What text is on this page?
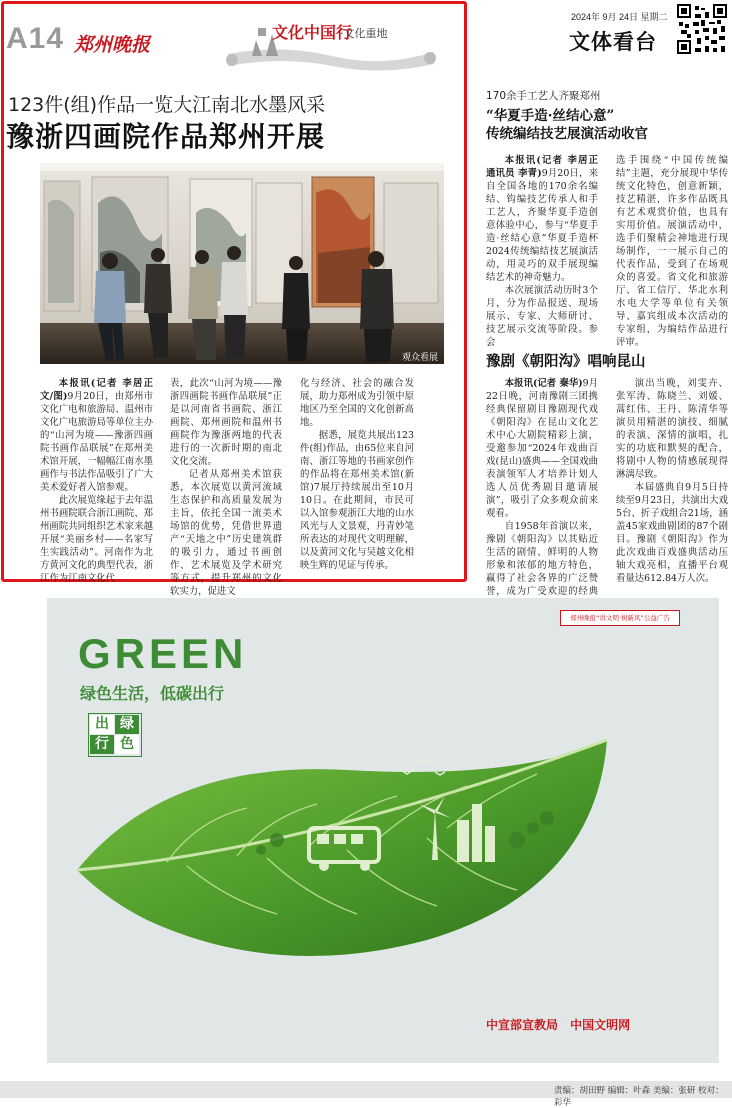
A14 郑州晚报
文化中国行
·文化重地
2024年 9月 24日 星期二
文体看台
123件(组)作品一览大江南北水墨风采
豫浙四画院作品郑州开展
观众看展

本报讯(记者 李居正 文/图)9月20日，由郑州市文化广电和旅游局、温州市文化广电旅游局等单位主办的“山河为境——豫浙四画院书画作品联展”在郑州美术馆开展，一幅幅江南水墨画作与书法作品吸引了广大美术爱好者入馆参观。

此次展览缘起于去年温州书画院联合浙江画院、郑州画院共同组织艺术家来越开展“美丽乡村——名家写生实践活动”。河南作为北方黄河文化的典型代表，浙江作为江南文化代

表，此次“山河为境——豫浙四画院书画作品联展”正是以河南省书画院、浙江画院、郑州画院和温州书画院作为豫浙两地的代表进行的一次新时期的南北文化交流。

记者从郑州美术馆获悉，本次展览以黄河流域生态保护和高质量发展为主旨，依托全国一流美术场馆的优势，凭借世界遗产“天地之中”历史建筑群的吸引力，通过书画创作、艺术展览及学术研究等方式，提升郑州的文化软实力，促进文

化与经济、社会的融合发展，助力郑州成为引领中原地区乃至全国的文化创新高地。

据悉，展览共展出123件(组)作品，由65位来自河南、浙江等地的书画家创作的作品将在郑州美术馆(新馆)7展厅持续展出至10月10日。在此期间，市民可以入馆参观浙江大地的山水风光与人文景观，丹青妙笔所表达的对现代文明理解，以及黄河文化与吴越文化相映生辉的见证与传承。

170余手工艺人齐聚郑州
“华夏手造·丝结心意”
传统编结技艺展演活动收官

本报讯(记者 李居正 通讯员 李青)9月20日，来自全国各地的170余名编结、钩编技艺传承人和手工艺人，齐聚华夏手造创意体验中心，参与“华夏手造·丝结心意”华夏手造杯2024传统编结技艺展演活动，用灵巧的双手展现编结艺术的神奇魅力。

本次展演活动历时3个月，分为作品报送、现场展示、专家、大师研讨、技艺展示交流等阶段。参会

选手围绕“中国传统编结”主题，充分展现中华传统文化特色，创意新颖，技艺精湛，许多作品既具有艺术观赏价值，也具有实用价值。展演活动中，选手们聚精会神地进行现场制作，一一展示自己的代表作品，受到了在场观众的喜爱。省文化和旅游厅、省工信厅、华北水利水电大学等单位有关领导、嘉宾组成本次活动的专家组，为编结作品进行评审。

豫剧《朝阳沟》唱响昆山

本报讯(记者 秦华)9月22日晚，河南豫剧三团携经典保留剧目豫剧现代戏《朝阳沟》在昆山文化艺术中心大剧院精彩上演，受邀参加“2024年戏曲百戏(昆山)盛典——全国戏曲表演领军人才培养计划人选人员优秀剧目邀请展演”，吸引了众多观众前来观看。

自1958年首演以来，豫剧《朝阳沟》以其贴近生活的剧情、鲜明的人物形象和浓郁的地方特色，赢得了社会各界的广泛赞誉，成为广受欢迎的经典

演出当晚，刘雯卉、张军涛、陈晓兰、刘媛、蒿红伟、王丹、陈清华等演员用精湛的演技、细腻的表演、深情的演唱，扎实的功底和默契的配合，将剧中人物的情感展现得淋漓尽致。

本届盛典自9月5日持续至9月23日，共演出大戏5台、折子戏组合21场，涵盖45家戏曲剧团的87个剧目。豫剧《朝阳沟》作为此次戏曲百戏盛典活动压轴大戏亮相，直播平台观看量达612.84万人次。

郑州晚报“讲文明·树新风”公益广告
GREEN
绿色生活，低碳出行
出 绿
行 色
中宣部宣教局 中国文明网
责编：胡田野 编辑：叶森 美编：张研 校对：彩华
